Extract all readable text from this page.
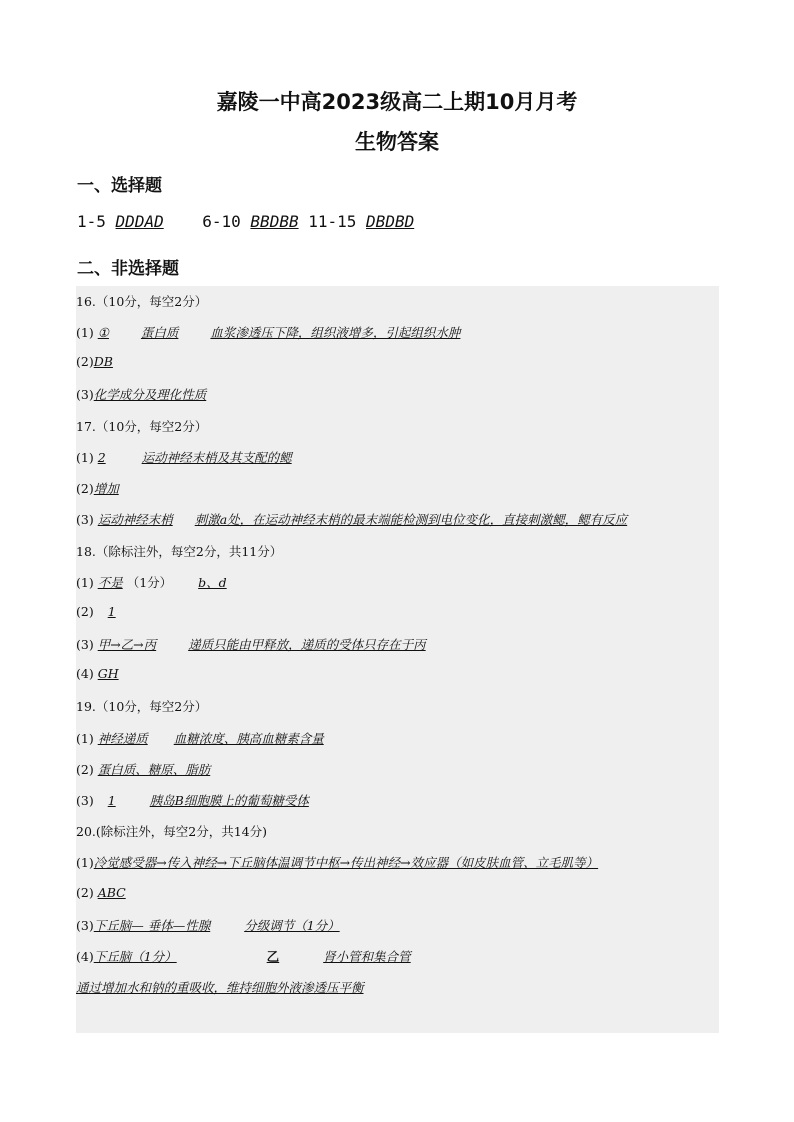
嘉陵一中高2023级高二上期10月月考
生物答案
一、选择题
1-5 DDDAD 6-10 BBDBB 11-15 DBDBD
二、非选择题
16.（10分，每空2分）
(1) ①	蛋白质	血浆渗透压下降，组织液增多，引起组织水肿
(2)DB
(3)化学成分及理化性质
17.（10分，每空2分）
(1) 2	运动神经末梢及其支配的鳃
(2)增加
(3) 运动神经末梢 刺激a处，在运动神经末梢的最末端能检测到电位变化，直接刺激鳃，鳃有反应
18.（除标注外，每空2分，共11分）
(1) 不是 （1分） b、d
(2) 1
(3) 甲→乙→丙	递质只能由甲释放，递质的受体只存在于丙
(4) GH
19.（10分，每空2分）
(1) 神经递质 血糖浓度、胰高血糖素含量
(2) 蛋白质、糖原、脂肪
(3) 1	胰岛B细胞膜上的葡萄糖受体
20.(除标注外，每空2分，共14分)
(1)冷觉感受器→传入神经→下丘脑体温调节中枢→传出神经→效应器（如皮肤血管、立毛肌等）
(2) ABC
(3)下丘脑— 垂体—性腺	分级调节（1分）
(4)下丘脑（1分）	乙	肾小管和集合管
通过增加水和钠的重吸收，维持细胞外液渗透压平衡
